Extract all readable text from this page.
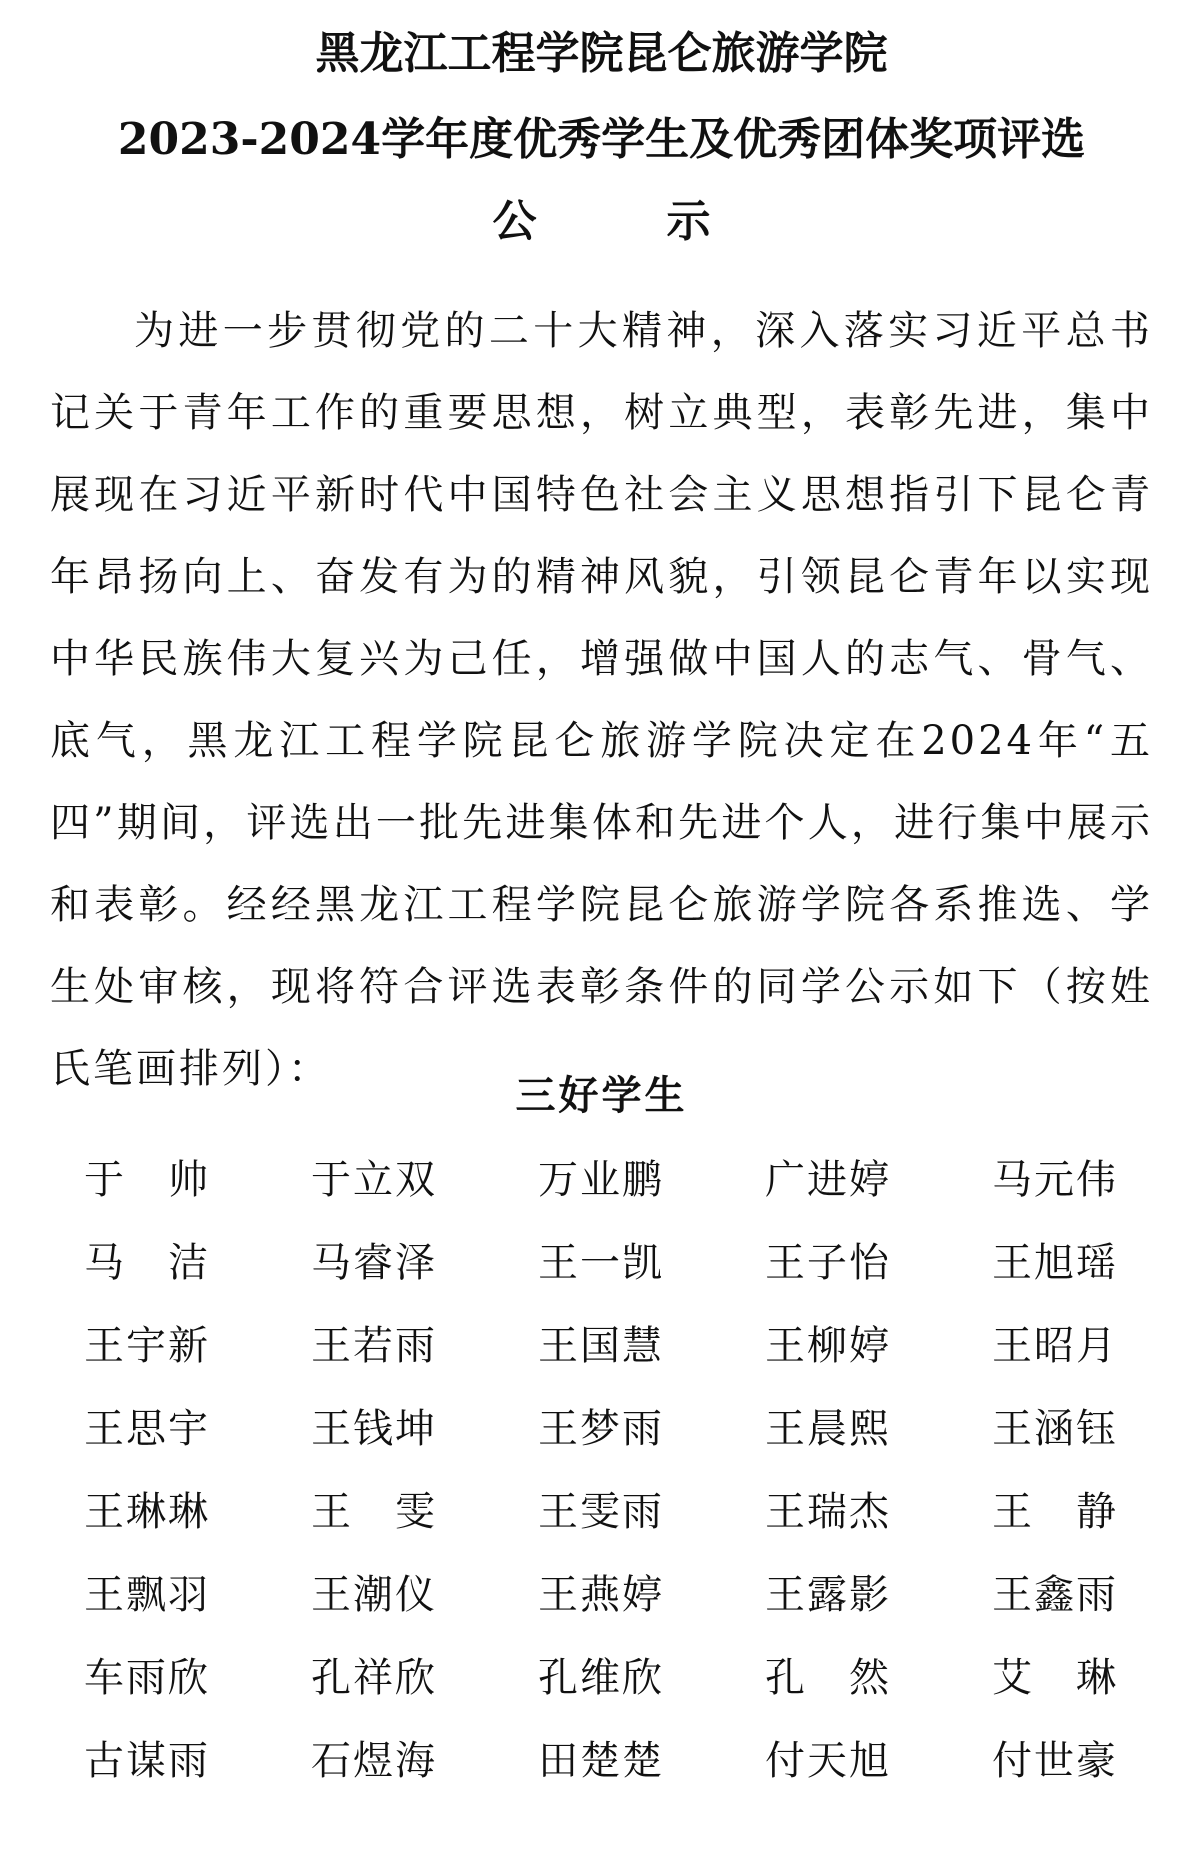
黑龙江工程学院昆仑旅游学院
2023-2024学年度优秀学生及优秀团体奖项评选
公示

为进一步贯彻党的二十大精神，深入落实习近平总书记关于青年工作的重要思想，树立典型，表彰先进，集中展现在习近平新时代中国特色社会主义思想指引下昆仑青年昂扬向上、奋发有为的精神风貌，引领昆仑青年以实现中华民族伟大复兴为己任，增强做中国人的志气、骨气、底气，黑龙江工程学院昆仑旅游学院决定在2024年“五四”期间，评选出一批先进集体和先进个人，进行集中展示和表彰。经经黑龙江工程学院昆仑旅游学院各系推选、学生处审核，现将符合评选表彰条件的同学公示如下（按姓氏笔画排列）：

三好学生
于帅	于立双	万业鹏	广进婷	马元伟
马洁	马睿泽	王一凯	王子怡	王旭瑶
王宇新	王若雨	王国慧	王柳婷	王昭月
王思宇	王钱坤	王梦雨	王晨熙	王涵钰
王琳琳	王雯	王雯雨	王瑞杰	王静
王飘羽	王潮仪	王燕婷	王露影	王鑫雨
车雨欣	孔祥欣	孔维欣	孔然	艾琳
古谋雨	石煜海	田楚楚	付天旭	付世豪
